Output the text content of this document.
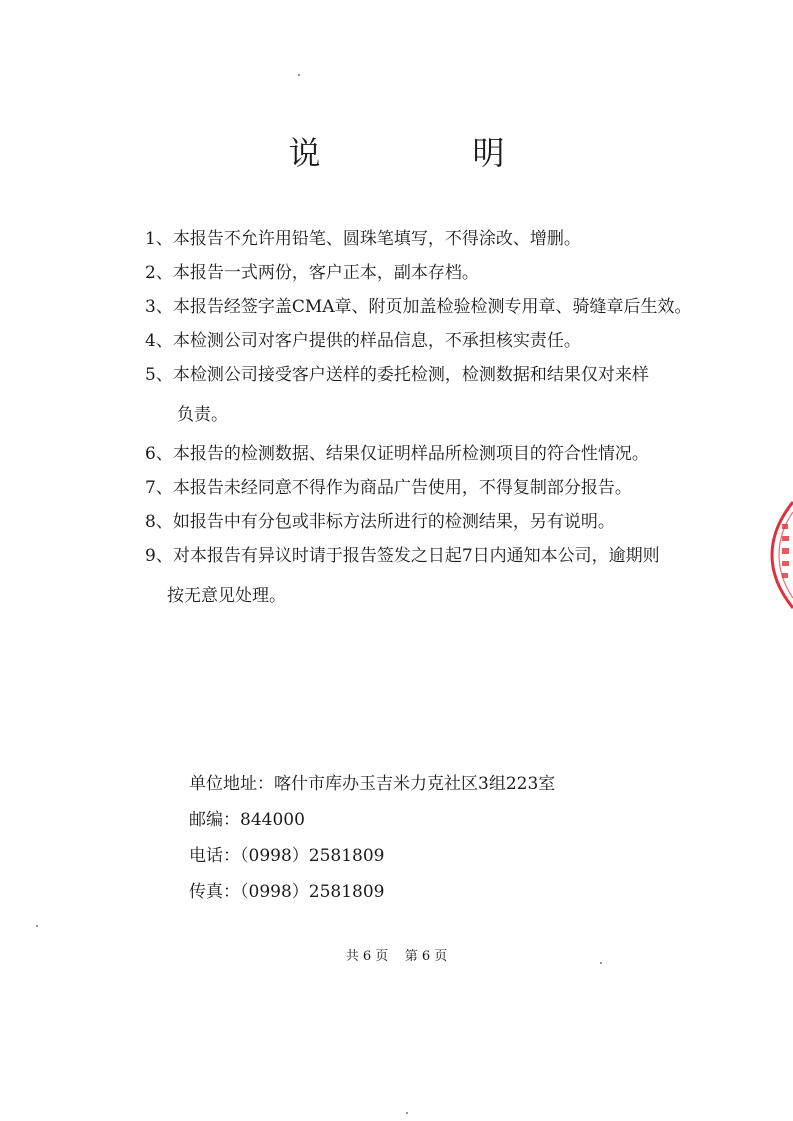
说　明
1、本报告不允许用铅笔、圆珠笔填写，不得涂改、增删。
2、本报告一式两份，客户正本，副本存档。
3、本报告经签字盖CMA章、附页加盖检验检测专用章、骑缝章后生效。
4、本检测公司对客户提供的样品信息，不承担核实责任。
5、本检测公司接受客户送样的委托检测，检测数据和结果仅对来样
负责。
6、本报告的检测数据、结果仅证明样品所检测项目的符合性情况。
7、本报告未经同意不得作为商品广告使用，不得复制部分报告。
8、如报告中有分包或非标方法所进行的检测结果，另有说明。
9、对本报告有异议时请于报告签发之日起7日内通知本公司，逾期则
按无意见处理。
单位地址：喀什市库办玉吉米力克社区3组223室
邮编：844000
电话：（0998）2581809
传真：（0998）2581809
共 6 页 第 6 页
